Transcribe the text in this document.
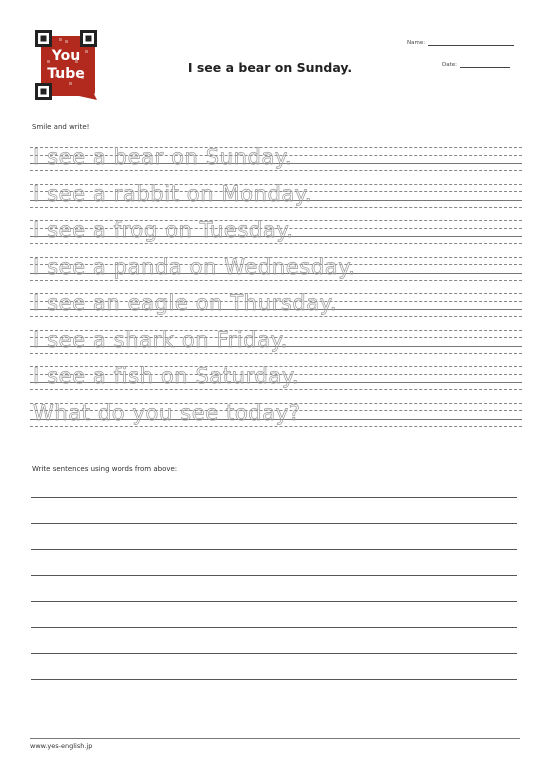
You
Tube	I see a bear on Sunday.
Name:
Date:
Smile and write!
I see a bear on Sunday.
I see a rabbit on Monday.
I see a frog on Tuesday.
I see a panda on Wednesday.
I see an eagle on Thursday.
I see a shark on Friday.
I see a fish on Saturday.
What do you see today?
Write sentences using words from above:
www.yes-english.jp
